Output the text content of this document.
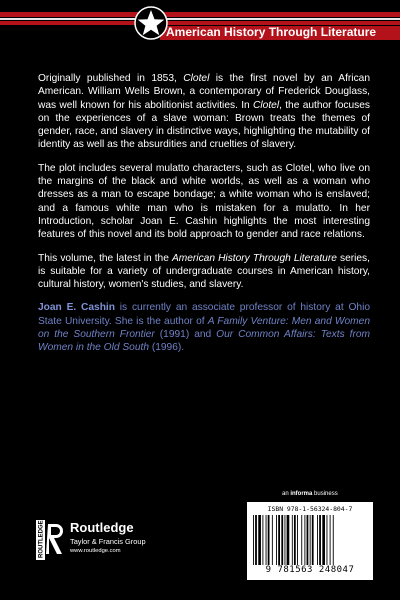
American History Through Literature

Originally published in 1853, Clotel is the first novel by an African American. William Wells Brown, a contemporary of Frederick Douglass, was well known for his abolitionist activities. In Clotel, the author focuses on the experiences of a slave woman: Brown treats the themes of gender, race, and slavery in distinctive ways, highlighting the mutability of identity as well as the absurdities and cruelties of slavery.

The plot includes several mulatto characters, such as Clotel, who live on the margins of the black and white worlds, as well as a woman who dresses as a man to escape bondage; a white woman who is enslaved; and a famous white man who is mistaken for a mulatto. In her Introduction, scholar Joan E. Cashin highlights the most interesting features of this novel and its bold approach to gender and race relations.

This volume, the latest in the American History Through Literature series, is suitable for a variety of undergraduate courses in American history, cultural history, women's studies, and slavery.

Joan E. Cashin is currently an associate professor of history at Ohio State University. She is the author of A Family Venture: Men and Women on the Southern Frontier (1991) and Our Common Affairs: Texts from Women in the Old South (1996).

an informa business
ISBN 978-1-56324-804-7
9 781563 248047
ROUTLEDGE Routledge
Taylor & Francis Group
www.routledge.com
